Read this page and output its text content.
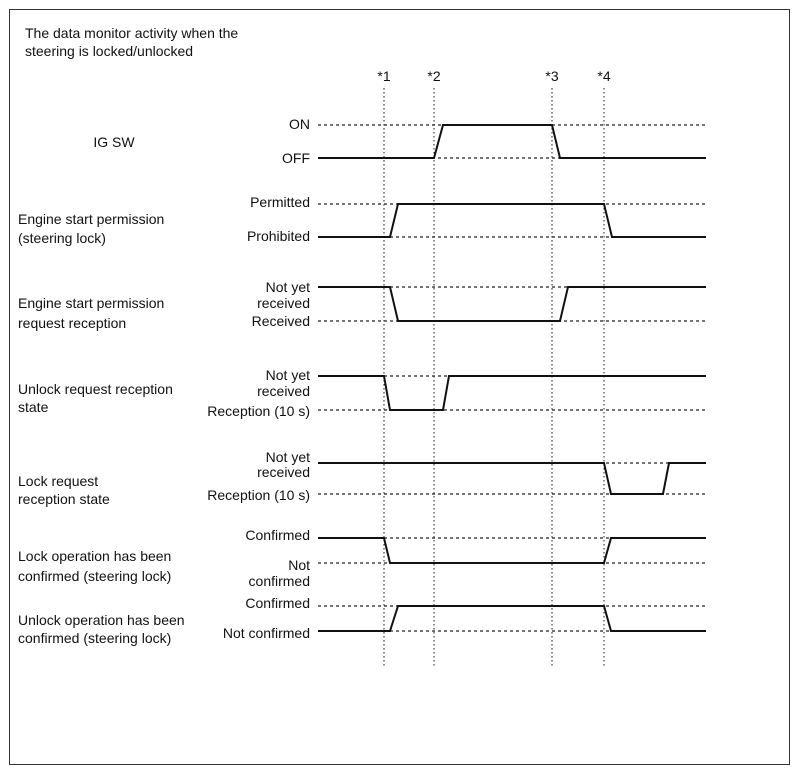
The data monitor activity when the
steering is locked/unlocked
*1	*2	*3	*4
IG SW
ON
OFF
Engine start permission
(steering lock)
Permitted
Prohibited
Engine start permission
request reception
Not yet
received
Received
Unlock request reception
state
Not yet
received
Reception (10 s)
Lock request
reception state
Not yet
received
Reception (10 s)
Lock operation has been
confirmed (steering lock)
Confirmed
Not
confirmed
Unlock operation has been
confirmed (steering lock)
Confirmed
Not confirmed
